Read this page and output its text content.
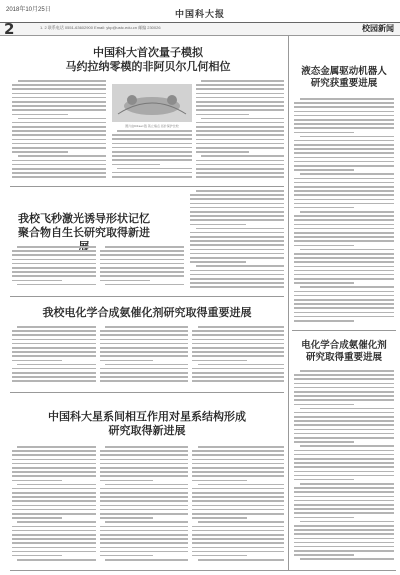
2018年10月25日	中国科大报
2	1. 2 联系电话 0551-63602900 Email: ykp@ustc.edu.cn 邮编 230026	校园新闻
中国科大首次量子模拟
马约拉纳零模的非阿贝尔几何相位
图片由Kitaev链 孤立端点 拓扑保护比较
我校飞秒激光诱导形状记忆
聚合物自生长研究取得新进展
我校电化学合成氨催化剂研究取得重要进展
中国科大星系间相互作用对星系结构形成
研究取得新进展
液态金属驱动机器人
研究获重要进展
电化学合成氨催化剂
研究取得重要进展
